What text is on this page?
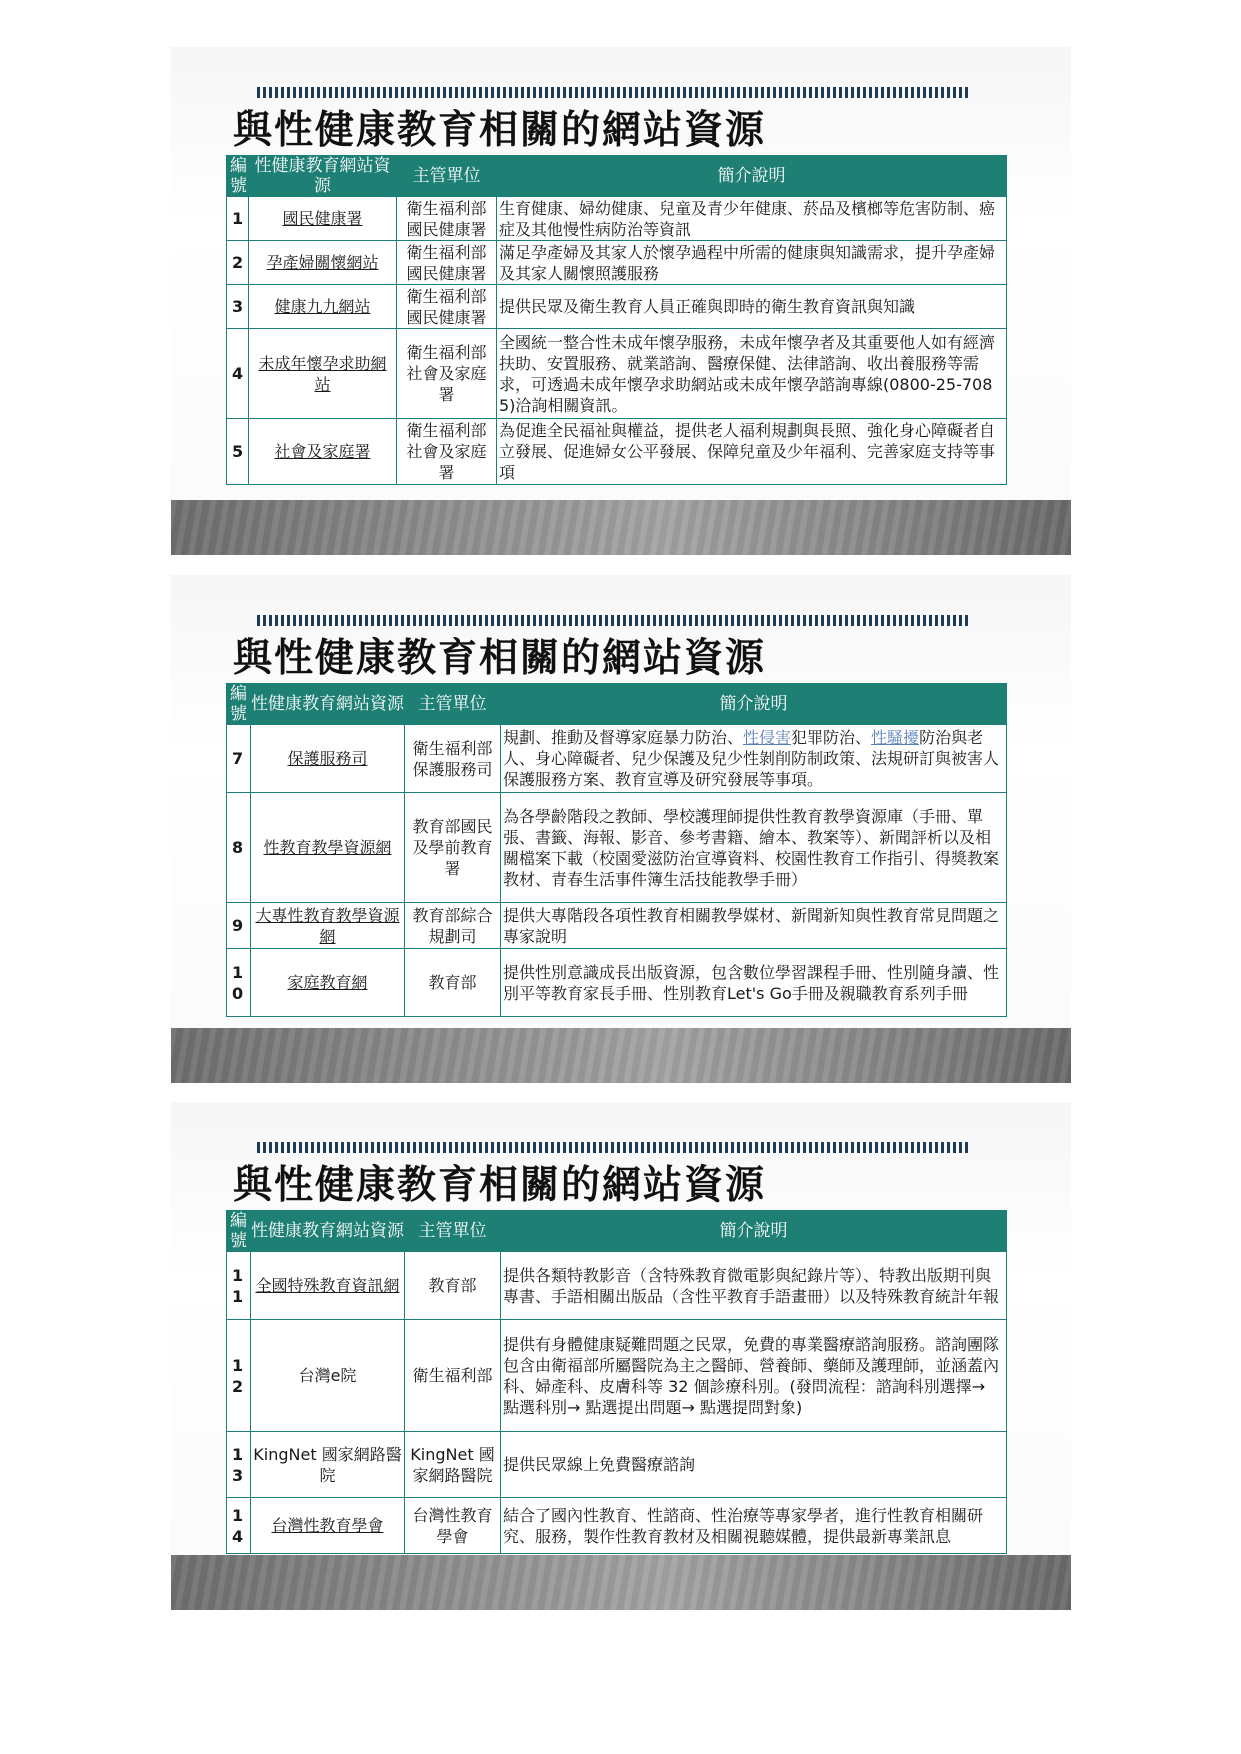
與性健康教育相關的網站資源
編號	性健康教育網站資源	主管單位	簡介說明
1	國民健康署	衛生福利部國民健康署	生育健康、婦幼健康、兒童及青少年健康、菸品及檳榔等危害防制、癌症及其他慢性病防治等資訊
2	孕產婦關懷網站	衛生福利部國民健康署	滿足孕產婦及其家人於懷孕過程中所需的健康與知識需求，提升孕產婦及其家人關懷照護服務
3	健康九九網站	衛生福利部國民健康署	提供民眾及衛生教育人員正確與即時的衛生教育資訊與知識
4	未成年懷孕求助網站	衛生福利部社會及家庭署	全國統一整合性未成年懷孕服務，未成年懷孕者及其重要他人如有經濟扶助、安置服務、就業諮詢、醫療保健、法律諮詢、收出養服務等需求，可透過未成年懷孕求助網站或未成年懷孕諮詢專線(0800-25-7085)洽詢相關資訊。
5	社會及家庭署	衛生福利部社會及家庭署	為促進全民福祉與權益，提供老人福利規劃與長照、強化身心障礙者自立發展、促進婦女公平發展、保障兒童及少年福利、完善家庭支持等事項
與性健康教育相關的網站資源
編號	性健康教育網站資源	主管單位	簡介說明
7	保護服務司	衛生福利部保護服務司	規劃、推動及督導家庭暴力防治、性侵害犯罪防治、性騷擾防治與老人、身心障礙者、兒少保護及兒少性剝削防制政策、法規研訂與被害人保護服務方案、教育宣導及研究發展等事項。
8	性教育教學資源網	教育部國民及學前教育署	為各學齡階段之教師、學校護理師提供性教育教學資源庫（手冊、單張、書籤、海報、影音、參考書籍、繪本、教案等）、新聞評析以及相關檔案下載（校園愛滋防治宣導資料、校園性教育工作指引、得獎教案教材、青春生活事件簿生活技能教學手冊）
9	大專性教育教學資源網	教育部綜合規劃司	提供大專階段各項性教育相關教學媒材、新聞新知與性教育常見問題之專家說明
10	家庭教育網	教育部	提供性別意識成長出版資源，包含數位學習課程手冊、性別隨身讀、性別平等教育家長手冊、性別教育Let's Go手冊及親職教育系列手冊
與性健康教育相關的網站資源
編號	性健康教育網站資源	主管單位	簡介說明
11	全國特殊教育資訊網	教育部	提供各類特教影音（含特殊教育微電影與紀錄片等）、特教出版期刊與專書、手語相關出版品（含性平教育手語畫冊）以及特殊教育統計年報
12	台灣e院	衛生福利部	提供有身體健康疑難問題之民眾，免費的專業醫療諮詢服務。諮詢團隊包含由衛福部所屬醫院為主之醫師、營養師、藥師及護理師，並涵蓋內科、婦產科、皮膚科等 32 個診療科別。(發問流程：諮詢科別選擇→ 點選科別→ 點選提出問題→ 點選提問對象)
13	KingNet 國家網路醫院	KingNet 國家網路醫院	提供民眾線上免費醫療諮詢
14	台灣性教育學會	台灣性教育學會	結合了國內性教育、性諮商、性治療等專家學者，進行性教育相關研究、服務，製作性教育教材及相關視聽媒體，提供最新專業訊息
